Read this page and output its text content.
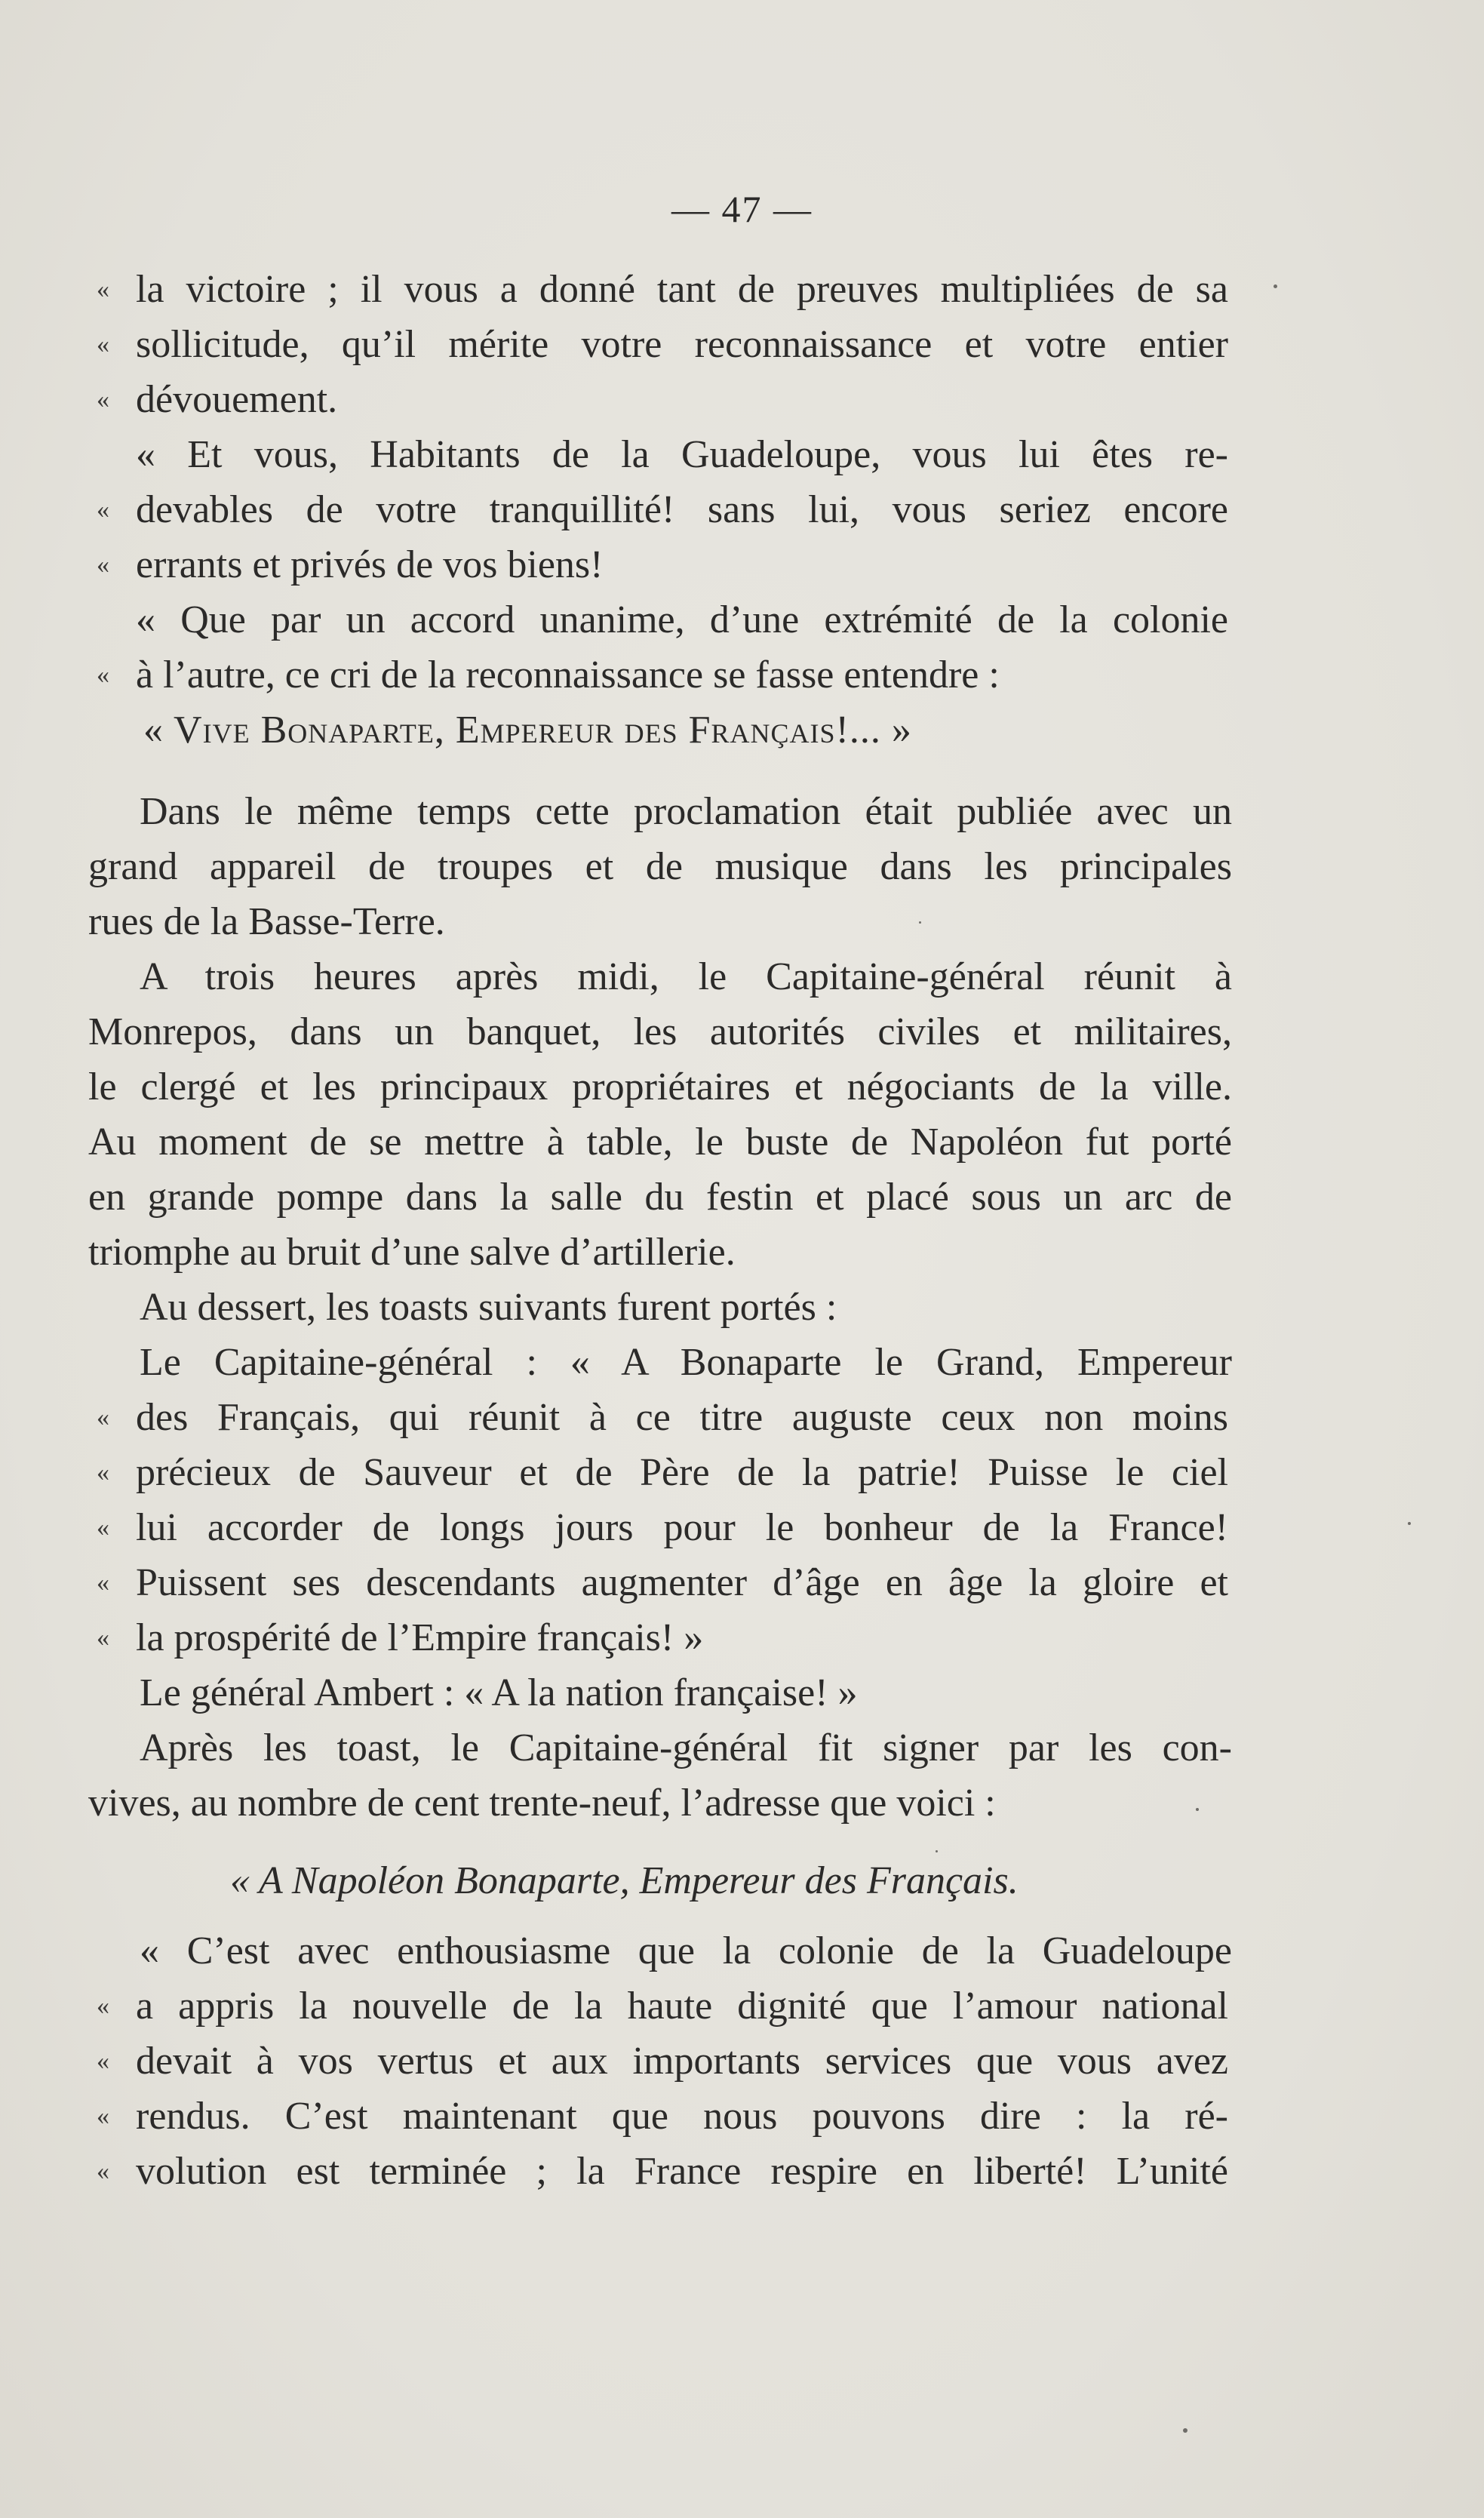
— 47 —
« la victoire ; il vous a donné tant de preuves multipliées de sa
« sollicitude, qu’il mérite votre reconnaissance et votre entier
« dévouement.
« Et vous, Habitants de la Guadeloupe, vous lui êtes re-
« devables de votre tranquillité! sans lui, vous seriez encore
« errants et privés de vos biens!
« Que par un accord unanime, d’une extrémité de la colonie
« à l’autre, ce cri de la reconnaissance se fasse entendre :
« Vive Bonaparte, Empereur des Français!... »
Dans le même temps cette proclamation était publiée avec un
grand appareil de troupes et de musique dans les principales
rues de la Basse-Terre.
A trois heures après midi, le Capitaine-général réunit à
Monrepos, dans un banquet, les autorités civiles et militaires,
le clergé et les principaux propriétaires et négociants de la ville.
Au moment de se mettre à table, le buste de Napoléon fut porté
en grande pompe dans la salle du festin et placé sous un arc de
triomphe au bruit d’une salve d’artillerie.
Au dessert, les toasts suivants furent portés :
Le Capitaine-général : « A Bonaparte le Grand, Empereur
« des Français, qui réunit à ce titre auguste ceux non moins
« précieux de Sauveur et de Père de la patrie! Puisse le ciel
« lui accorder de longs jours pour le bonheur de la France!
« Puissent ses descendants augmenter d’âge en âge la gloire et
« la prospérité de l’Empire français! »
Le général Ambert : « A la nation française! »
Après les toast, le Capitaine-général fit signer par les con-
vives, au nombre de cent trente-neuf, l’adresse que voici :
« A Napoléon Bonaparte, Empereur des Français.
« C’est avec enthousiasme que la colonie de la Guadeloupe
« a appris la nouvelle de la haute dignité que l’amour national
« devait à vos vertus et aux importants services que vous avez
« rendus. C’est maintenant que nous pouvons dire : la ré-
« volution est terminée ; la France respire en liberté! L’unité
